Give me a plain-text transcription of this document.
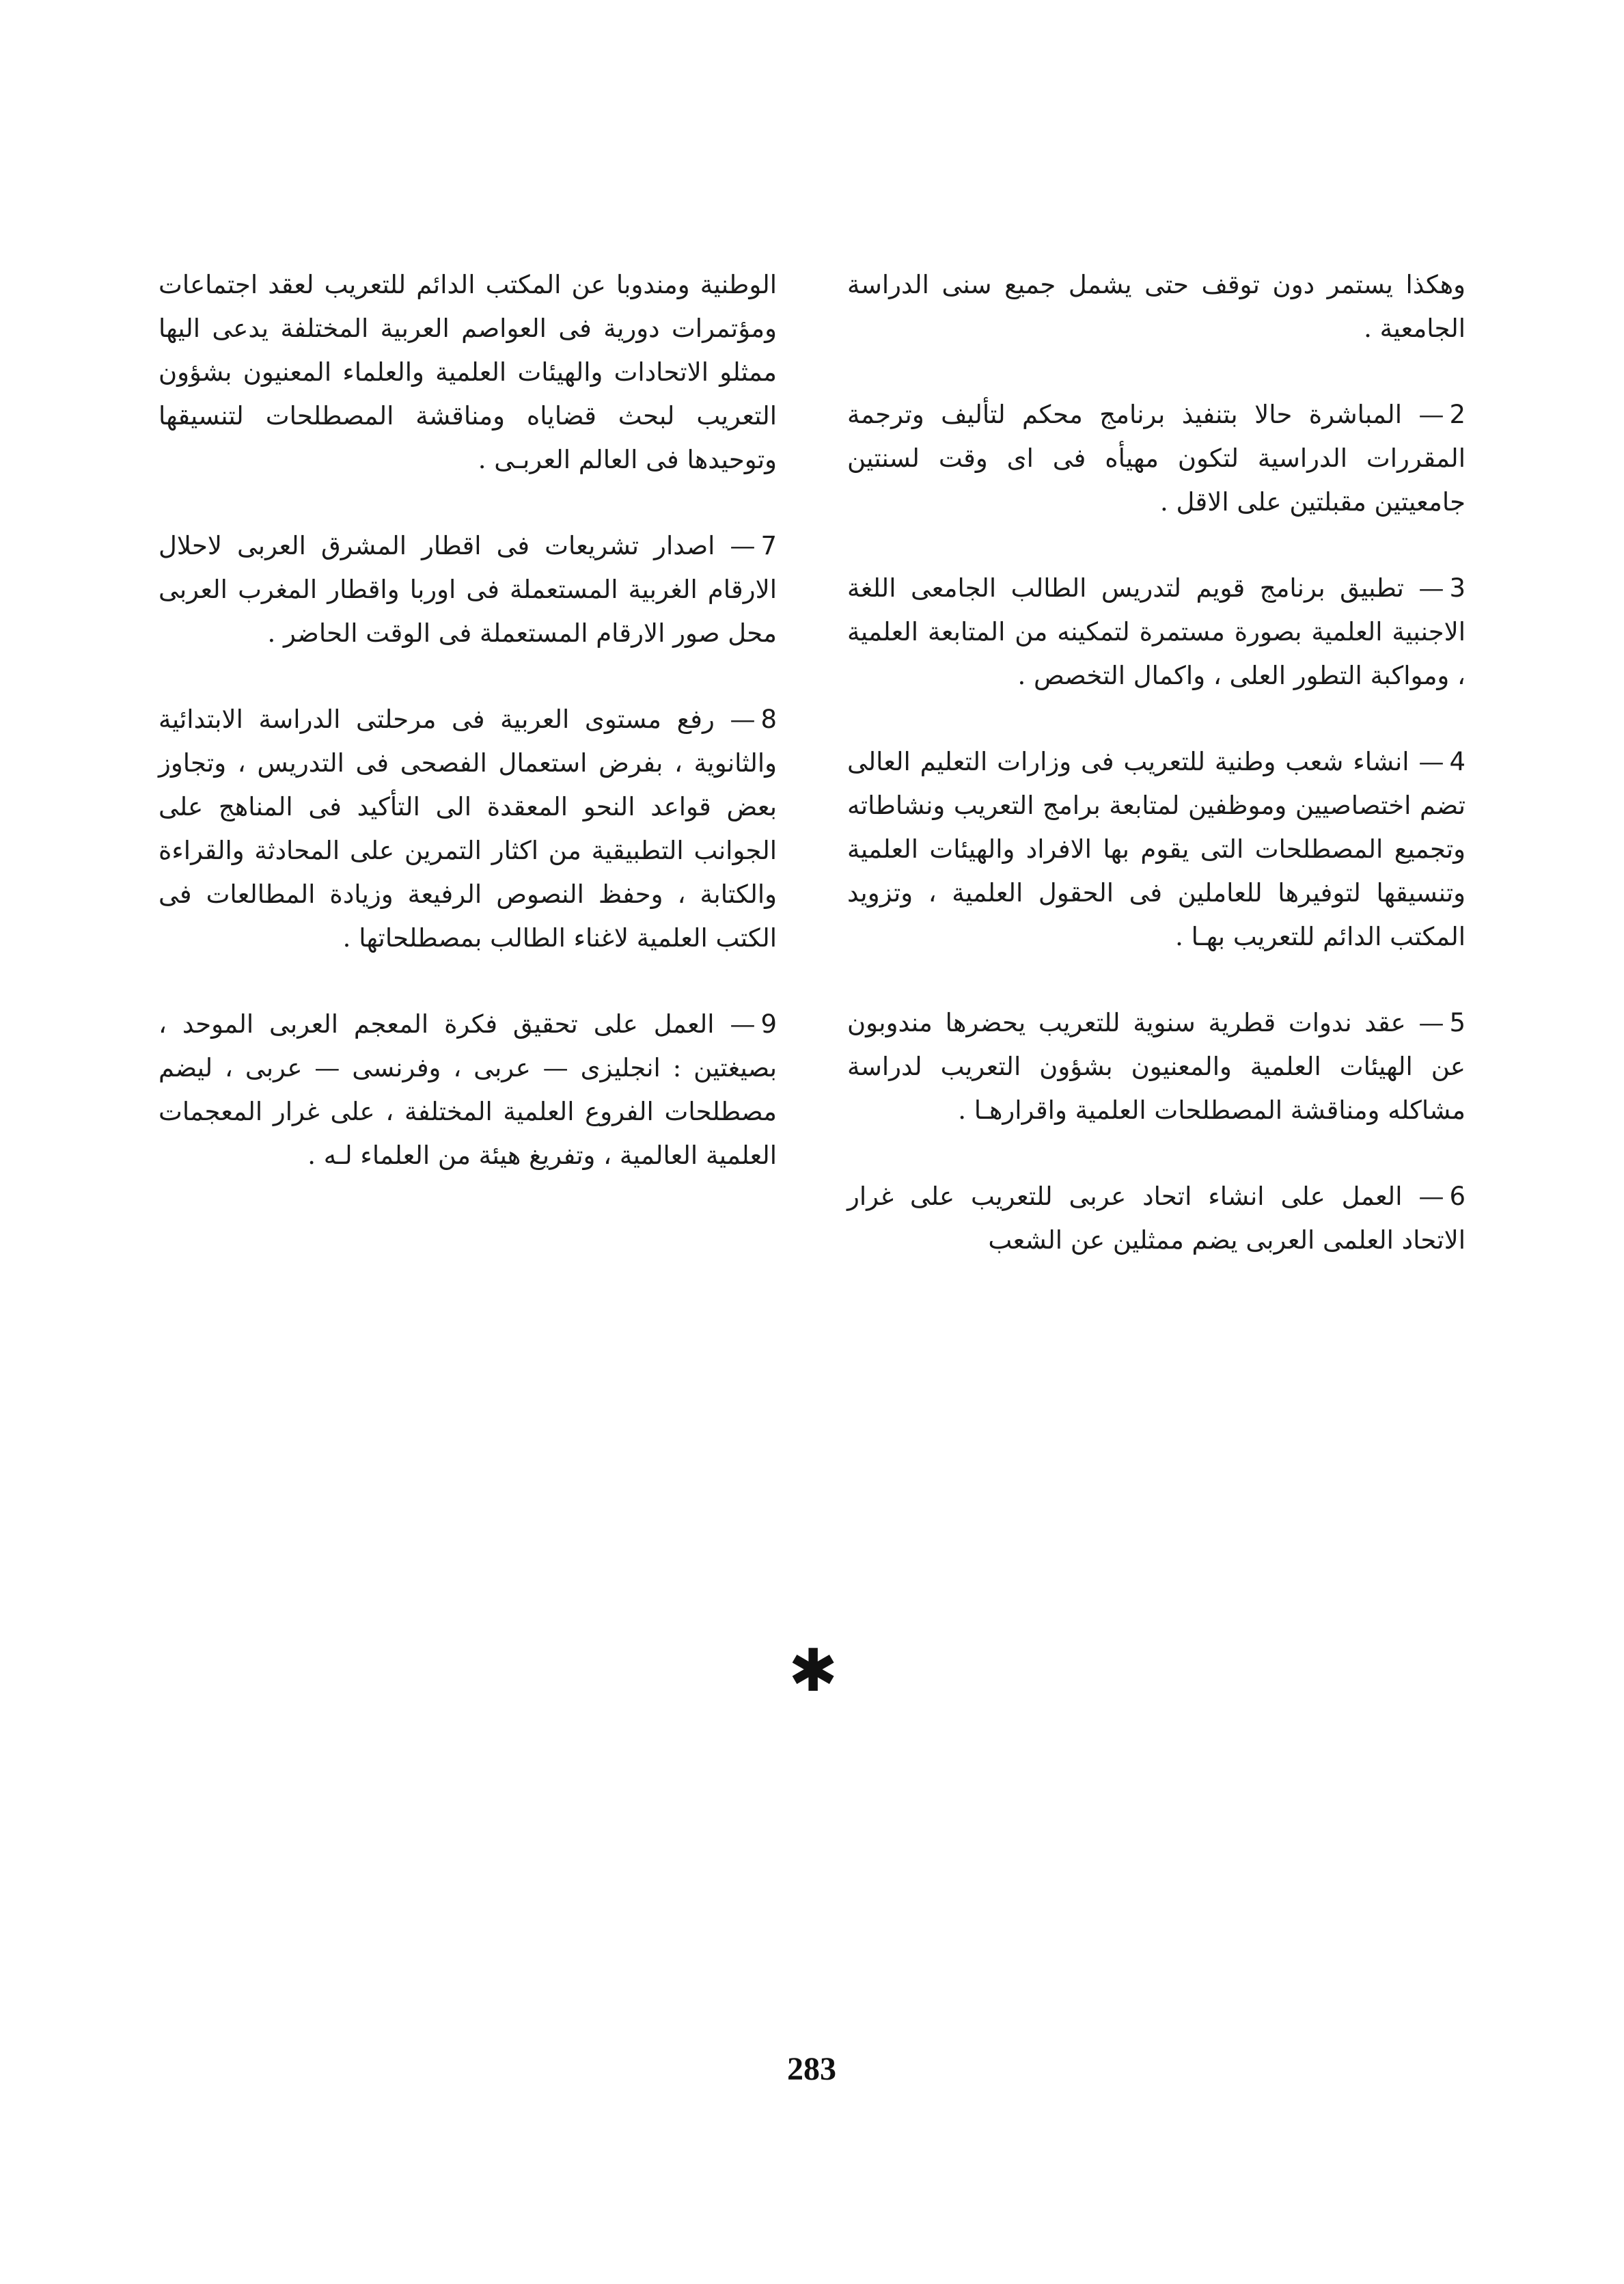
وهكذا يستمر دون توقف حتى يشمل جميع سنى الدراسة الجامعية .

2— المباشرة حالا بتنفيذ برنامج محكم لتأليف وترجمة المقررات الدراسية لتكون مهيأه فى اى وقت لسنتين جامعيتين مقبلتين على الاقل .

3— تطبيق برنامج قويم لتدريس الطالب الجامعى اللغة الاجنبية العلمية بصورة مستمرة لتمكينه من المتابعة العلمية ، ومواكبة التطور العلى ، واكمال التخصص .

4— انشاء شعب وطنية للتعريب فى وزارات التعليم العالى تضم اختصاصيين وموظفين لمتابعة برامج التعريب ونشاطاته وتجميع المصطلحات التى يقوم بها الافراد والهيئات العلمية وتنسيقها لتوفيرها للعاملين فى الحقول العلمية ، وتزويد المكتب الدائم للتعريب بهـا .

5— عقد ندوات قطرية سنوية للتعريب يحضرها مندوبون عن الهيئات العلمية والمعنيون بشؤون التعريب لدراسة مشاكله ومناقشة المصطلحات العلمية واقرارهـا .

6— العمل على انشاء اتحاد عربى للتعريب على غرار الاتحاد العلمى العربى يضم ممثلين عن الشعب

الوطنية ومندوبا عن المكتب الدائم للتعريب لعقد اجتماعات ومؤتمرات دورية فى العواصم العربية المختلفة يدعى اليها ممثلو الاتحادات والهيئات العلمية والعلماء المعنيون بشؤون التعريب لبحث قضاياه ومناقشة المصطلحات لتنسيقها وتوحيدها فى العالم العربـى .

7— اصدار تشريعات فى اقطار المشرق العربى لاحلال الارقام الغربية المستعملة فى اوربا واقطار المغرب العربى محل صور الارقام المستعملة فى الوقت الحاضر .

8— رفع مستوى العربية فى مرحلتى الدراسة الابتدائية والثانوية ، بفرض استعمال الفصحى فى التدريس ، وتجاوز بعض قواعد النحو المعقدة الى التأكيد فى المناهج على الجوانب التطبيقية من اكثار التمرين على المحادثة والقراءة والكتابة ، وحفظ النصوص الرفيعة وزيادة المطالعات فى الكتب العلمية لاغناء الطالب بمصطلحاتها .

9— العمل على تحقيق فكرة المعجم العربى الموحد ، بصيغتين : انجليزى — عربى ، وفرنسى — عربى ، ليضم مصطلحات الفروع العلمية المختلفة ، على غرار المعجمات العلمية العالمية ، وتفريغ هيئة من العلماء لـه .

✱
283
